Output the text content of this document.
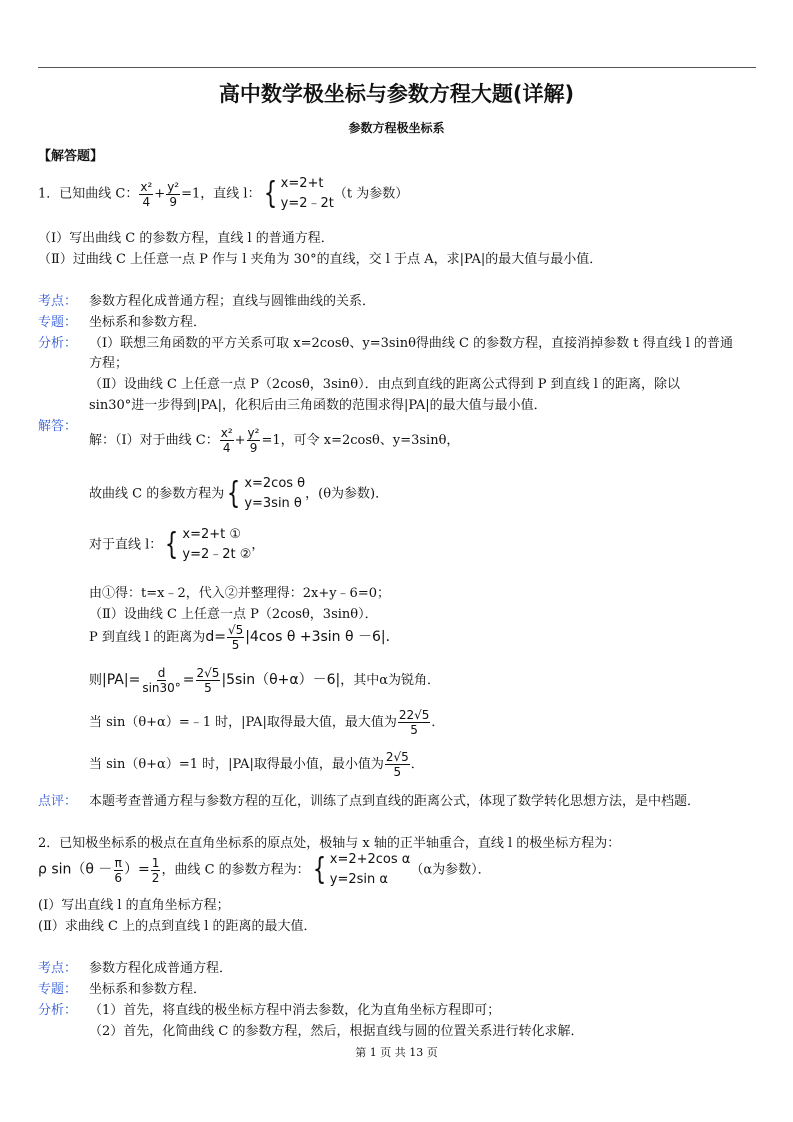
高中数学极坐标与参数方程大题(详解)
参数方程极坐标系
【解答题】
1．已知曲线 C： $\frac{\text{x²}}{4} + \frac{\text{y²}}{9} =1$，直线 l： { x=2+t
y=2﹣2t
（t 为参数）
（Ⅰ）写出曲线 C 的参数方程，直线 l 的普通方程．
（Ⅱ）过曲线 C 上任意一点 P 作与 l 夹角为 30°的直线，交 l 于点 A，求|PA|的最大值与最小值．
考点： 参数方程化成普通方程；直线与圆锥曲线的关系．
专题： 坐标系和参数方程．
分析： （Ⅰ）联想三角函数的平方关系可取 x=2cosθ、y=3sinθ得曲线 C 的参数方程，直接消掉参数 t 得直线 l 的普通
方程；
（Ⅱ）设曲线 C 上任意一点 P（2cosθ，3sinθ）．由点到直线的距离公式得到 P 到直线 l 的距离，除以
sin30°进一步得到|PA|，化积后由三角函数的范围求得|PA|的最大值与最小值．
解答：
解：（Ⅰ）对于曲线 C： $\frac{\text{x²}}{4} + \frac{\text{y²}}{9} =1$，可令 x=2cosθ、y=3sinθ，
故曲线 C 的参数方程为 { x=2cos θ
y=3sin θ
，(θ为参数)．
对于直线 l： { x=2+t ①
y=2﹣2t ②
，
由①得：t=x﹣2，代入②并整理得：2x+y﹣6=0；
（Ⅱ）设曲线 C 上任意一点 P（2cosθ，3sinθ）．
P 到直线 l 的距离为$d= \frac{√5}{5} |4\cos$ θ +3sin θ －6|．
则$|PA|= \frac{d}{\sin 30^\circ} = \frac{2√5}{5} |5\sin(\theta+\alpha)-6|$，其中α为锐角．
当 sin（θ+α）=﹣1 时，|PA|取得最大值，最大值为 $\frac{22√5}{5}$ ．
当 sin（θ+α）=1 时，|PA|取得最小值，最小值为 $\frac{2√5}{5}$ ．
点评： 本题考查普通方程与参数方程的互化，训练了点到直线的距离公式，体现了数学转化思想方法，是中档题．
2．已知极坐标系的极点在直角坐标系的原点处，极轴与 x 轴的正半轴重合，直线 l 的极坐标方程为：
ρ $\sin(\theta - \frac{\pi}{6}$ ）= $\frac{1}{2}$ ，曲线 C 的参数方程为： { x=2+2cos α
y=2sin α
（α为参数）．
(I）写出直线 l 的直角坐标方程；
(Ⅱ）求曲线 C 上的点到直线 l 的距离的最大值．
考点： 参数方程化成普通方程．
专题： 坐标系和参数方程．
分析： （1）首先，将直线的极坐标方程中消去参数，化为直角坐标方程即可；
（2）首先，化简曲线 C 的参数方程，然后，根据直线与圆的位置关系进行转化求解．
第 1 页 共 13 页
